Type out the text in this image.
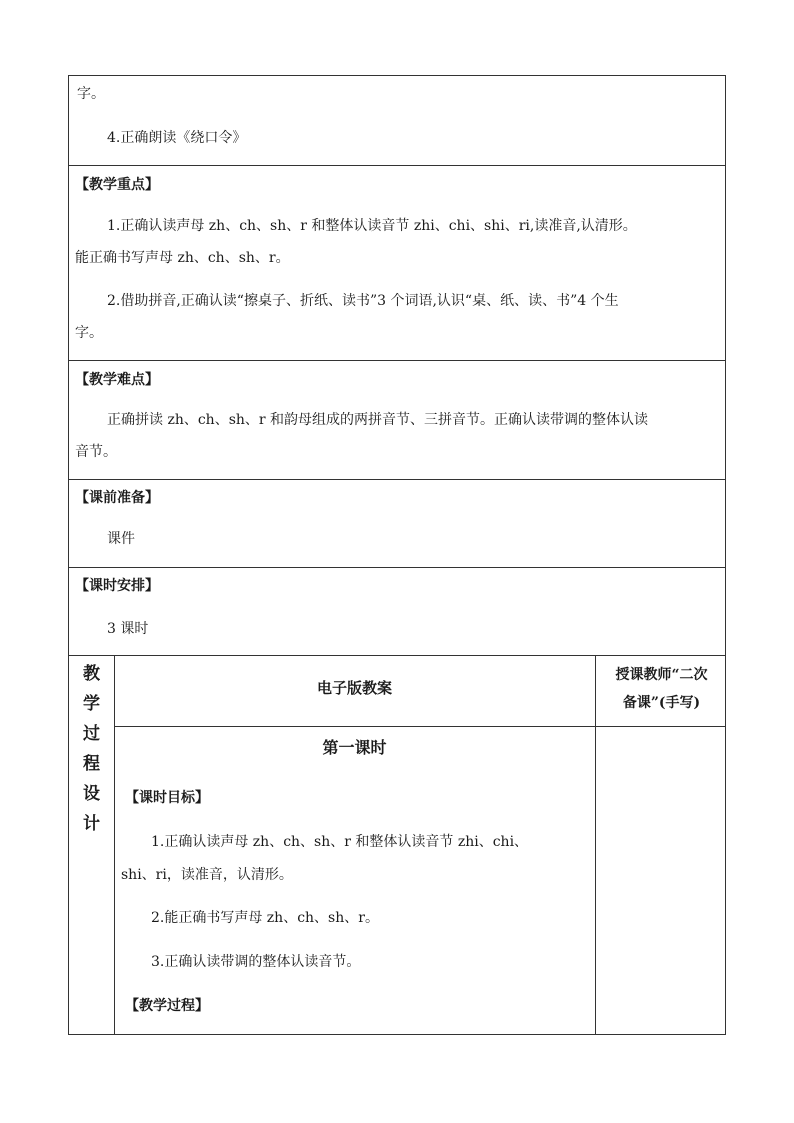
字。
4.正确朗读《绕口令》
【教学重点】
1.正确认读声母 zh、ch、sh、r 和整体认读音节 zhi、chi、shi、ri,读准音,认清形。
能正确书写声母 zh、ch、sh、r。
2.借助拼音,正确认读“擦桌子、折纸、读书”3 个词语,认识“桌、纸、读、书”4 个生
字。
【教学难点】
正确拼读 zh、ch、sh、r 和韵母组成的两拼音节、三拼音节。正确认读带调的整体认读
音节。
【课前准备】
课件
【课时安排】
3 课时
教
学
过
程
设
计
电子版教案
授课教师“二次
备课”(手写)
第一课时
【课时目标】
1.正确认读声母 zh、ch、sh、r 和整体认读音节 zhi、chi、
shi、ri，读准音，认清形。
2.能正确书写声母 zh、ch、sh、r。
3.正确认读带调的整体认读音节。
【教学过程】
